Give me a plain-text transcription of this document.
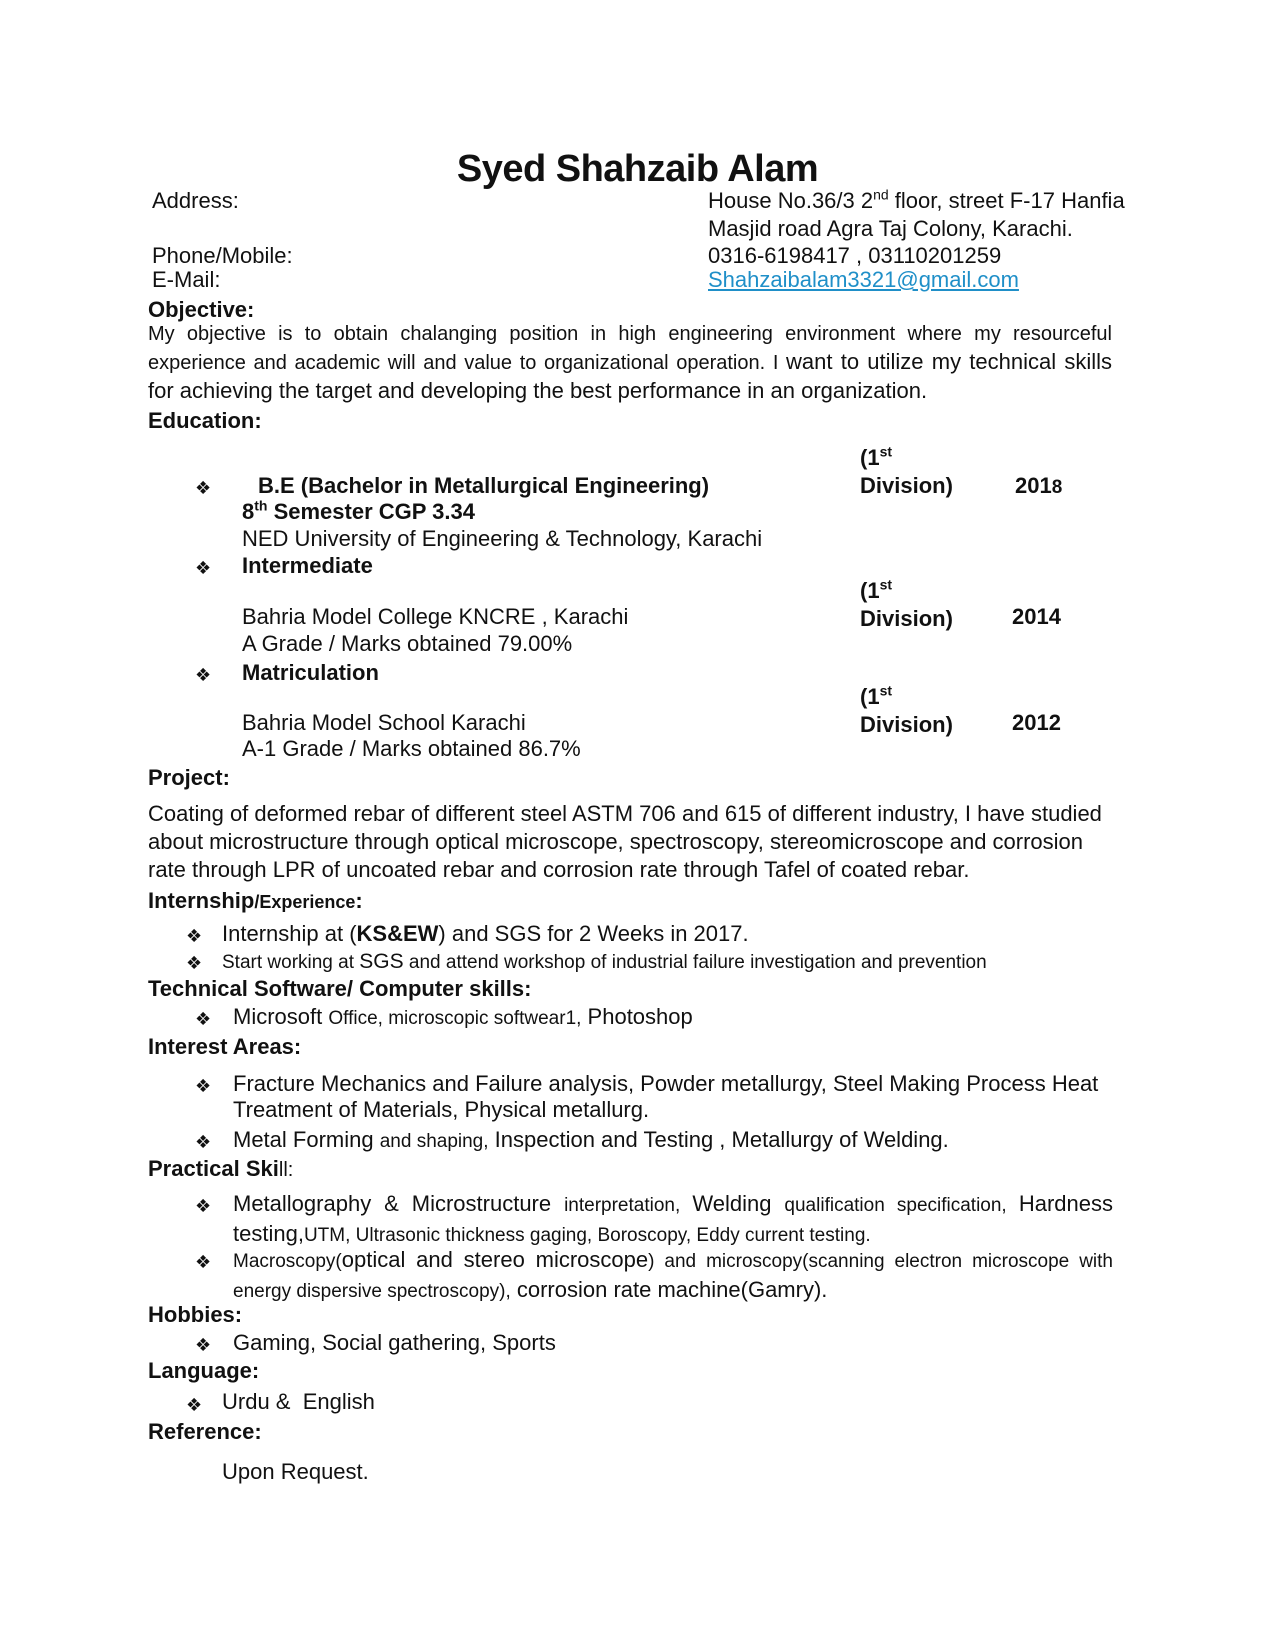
Syed Shahzaib Alam
Address:	House No.36/3 2nd floor, street F-17 Hanfia
Masjid road Agra Taj Colony, Karachi.
Phone/Mobile:	0316-6198417 , 03110201259
E-Mail:	Shahzaibalam3321@gmail.com
Objective:
My objective is to obtain chalanging position in high engineering environment where my resourceful experience and academic will and value to organizational operation. I want to utilize my technical skills for achieving the target and developing the best performance in an organization.
Education:
❖ B.E (Bachelor in Metallurgical Engineering)
8th Semester CGP 3.34
NED University of Engineering & Technology, Karachi
(1st
Division)	2018
❖ Intermediate
Bahria Model College KNCRE , Karachi
A Grade / Marks obtained 79.00%
(1st
Division)	2014
❖ Matriculation
Bahria Model School Karachi
A-1 Grade / Marks obtained 86.7%
(1st
Division)	2012
Project:
Coating of deformed rebar of different steel ASTM 706 and 615 of different industry, I have studied about microstructure through optical microscope, spectroscopy, stereomicroscope and corrosion rate through LPR of uncoated rebar and corrosion rate through Tafel of coated rebar.
Internship/Experience:
❖ Internship at (KS&EW) and SGS for 2 Weeks in 2017.
❖ Start working at SGS and attend workshop of industrial failure investigation and prevention
Technical Software/ Computer skills:
❖ Microsoft Office, microscopic softwear1, Photoshop
Interest Areas:
❖ Fracture Mechanics and Failure analysis, Powder metallurgy, Steel Making Process Heat Treatment of Materials, Physical metallurg.
❖ Metal Forming and shaping, Inspection and Testing , Metallurgy of Welding.
Practical Skill:
❖ Metallography & Microstructure interpretation, Welding qualification specification, Hardness testing,UTM, Ultrasonic thickness gaging, Boroscopy, Eddy current testing.
❖ Macroscopy(optical and stereo microscope) and microscopy(scanning electron microscope with energy dispersive spectroscopy), corrosion rate machine(Gamry).
Hobbies:
❖ Gaming, Social gathering, Sports
Language:
❖ Urdu &  English
Reference:
Upon Request.
